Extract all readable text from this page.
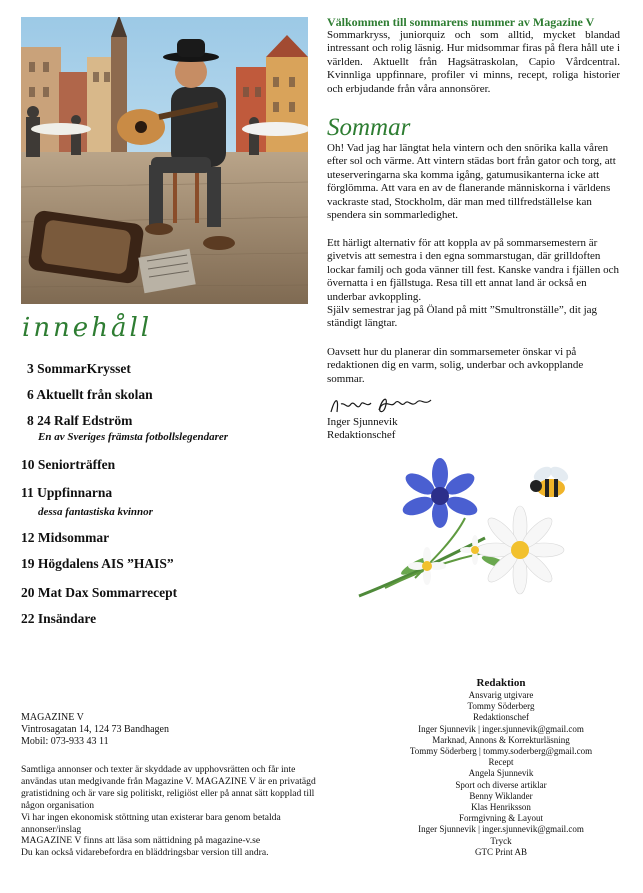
innehåll
3 SommarKrysset
6 Aktuellt från skolan
8 24 Ralf Edström
En av Sveriges främsta fotbollslegendarer
10 Seniorträffen
11 Uppfinnarna
dessa fantastiska kvinnor
12 Midsommar
19 Högdalens AIS ”HAIS”
20 Mat Dax Sommarrecept
22 Insändare
Välkommen till sommarens nummer av Magazine V

Sommarkryss, juniorquiz och som alltid, mycket blandad intressant och rolig läsnig. Hur midsommar firas på flera håll ute i världen. Aktuellt från Hagsätraskolan, Capio Vårdcentral. Kvinnliga uppfinnare, profiler vi minns, recept, roliga historier och erbjudande från våra annonsörer.

Sommar

Oh! Vad jag har längtat hela vintern och den snörika kalla våren efter sol och värme. Att vintern städas bort från gator och torg, att uteserveringarna ska komma igång, gatumusikanterna icke att förglömma. Att vara en av de flanerande människorna i världens vackraste stad, Stockholm, där man med tillfredställelse kan spendera sin sommarledighet.

Ett härligt alternativ för att koppla av på sommarsemestern är givetvis att semestra i den egna sommarstugan, där grilldoften lockar familj och goda vänner till fest. Kanske vandra i fjällen och övernatta i en fjällstuga. Resa till ett annat land är också en underbar avkoppling.
Själv semestrar jag på Öland på mitt ”Smultronställe”, dit jag ständigt längtar.

Oavsett hur du planerar din sommarsemeter önskar vi på redaktionen dig en varm, solig, underbar och avkopplande sommar.

Inger Sjunnevik
Redaktionschef
MAGAZINE V
Vintrosagatan 14, 124 73 Bandhagen
Mobil: 073-933 43 11
Samtliga annonser och texter är skyddade av upphovsrätten och får inte användas utan medgivande från Magazine V. MAGAZINE V är en privatägd gratistidning och är vare sig politiskt, religiöst eller på annat sätt kopplad till någon organisation
Vi har ingen ekonomisk stöttning utan existerar bara genom betalda annonser/inslag
MAGAZINE V finns att läsa som nättidning på magazine-v.se
Du kan också vidarebefordra en bläddringsbar version till andra.
Redaktion
Ansvarig utgivare
Tommy Söderberg
Redaktionschef
Inger Sjunnevik | inger.sjunnevik@gmail.com
Marknad, Annons & Korrekturläsning
Tommy Söderberg | tommy.soderberg@gmail.com
Recept
Angela Sjunnevik
Sport och diverse artiklar
Benny Wiklander
Klas Henriksson
Formgivning & Layout
Inger Sjunnevik | inger.sjunnevik@gmail.com
Tryck
GTC Print AB
